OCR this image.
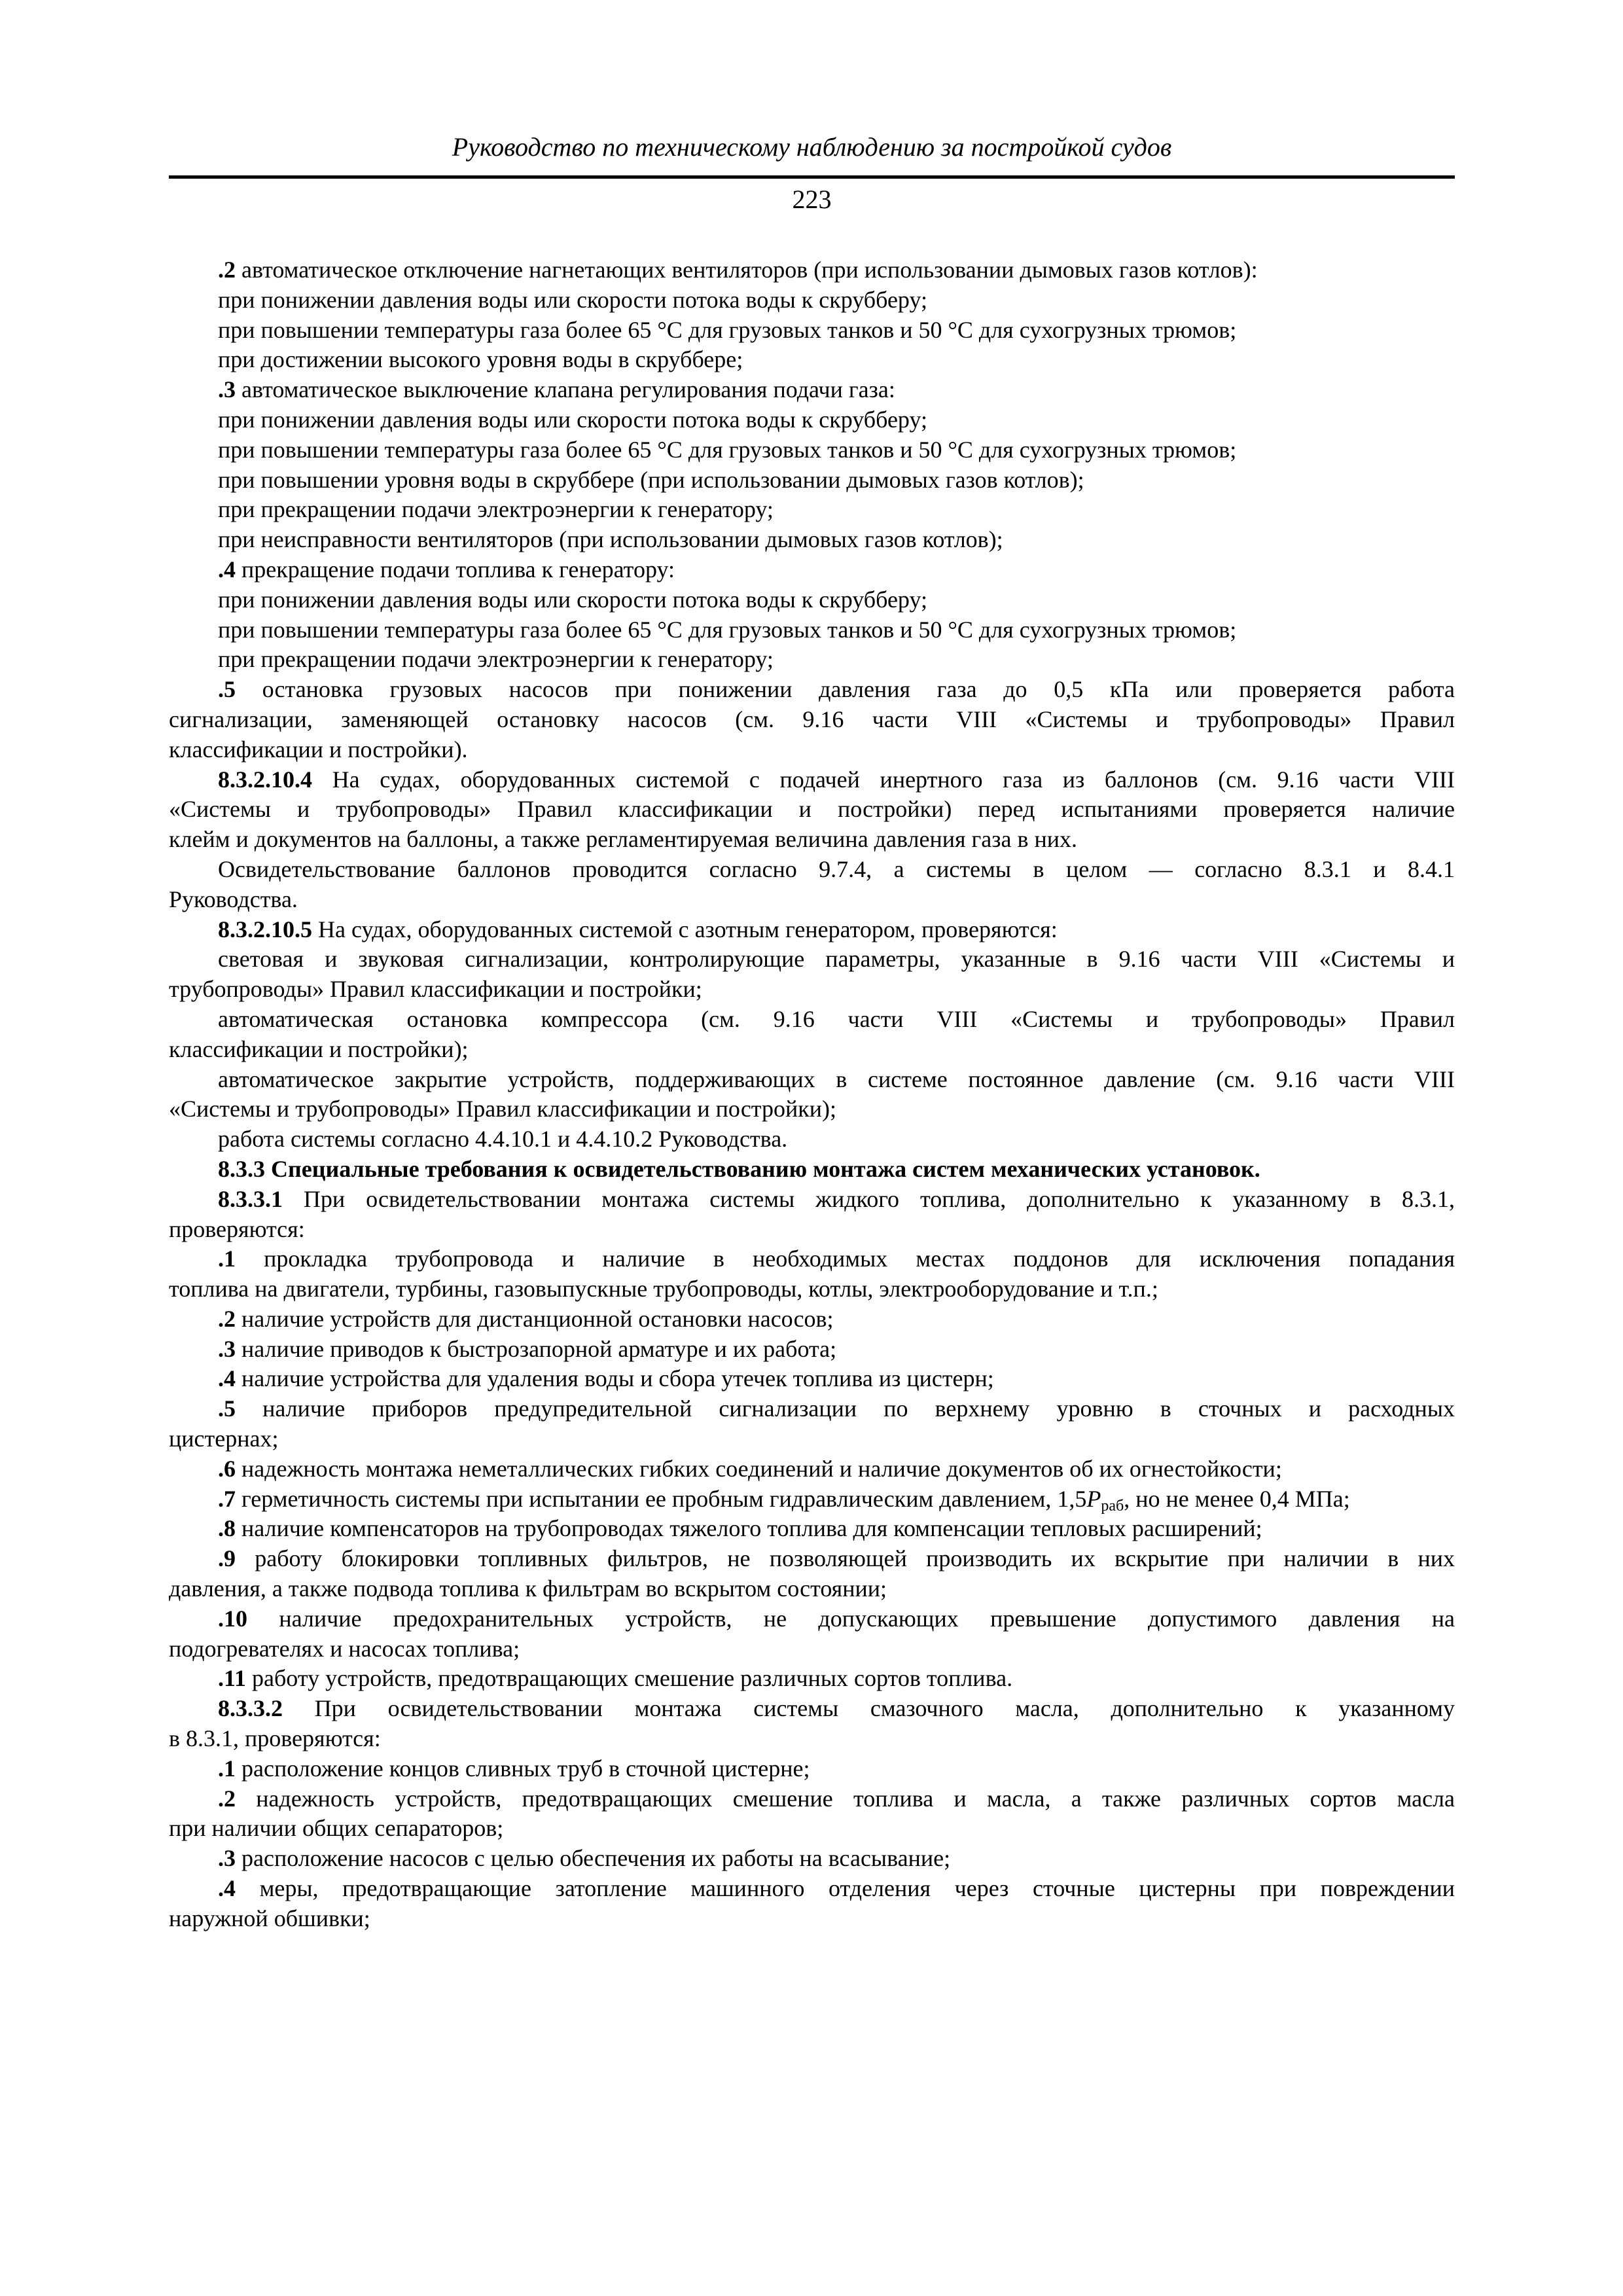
Руководство по техническому наблюдению за постройкой судов
223
.2 автоматическое отключение нагнетающих вентиляторов (при использовании дымовых газов котлов):
при понижении давления воды или скорости потока воды к скрубберу;
при повышении температуры газа более 65 °С для грузовых танков и 50 °С для сухогрузных трюмов;
при достижении высокого уровня воды в скруббере;
.3 автоматическое выключение клапана регулирования подачи газа:
при понижении давления воды или скорости потока воды к скрубберу;
при повышении температуры газа более 65 °С для грузовых танков и 50 °С для сухогрузных трюмов;
при повышении уровня воды в скруббере (при использовании дымовых газов котлов);
при прекращении подачи электроэнергии к генератору;
при неисправности вентиляторов (при использовании дымовых газов котлов);
.4 прекращение подачи топлива к генератору:
при понижении давления воды или скорости потока воды к скрубберу;
при повышении температуры газа более 65 °С для грузовых танков и 50 °С для сухогрузных трюмов;
при прекращении подачи электроэнергии к генератору;
.5 остановка грузовых насосов при понижении давления газа до 0,5 кПа или проверяется работа
сигнализации, заменяющей остановку насосов (см. 9.16 части VIII «Системы и трубопроводы» Правил
классификации и постройки).
8.3.2.10.4 На судах, оборудованных системой с подачей инертного газа из баллонов (см. 9.16 части VIII
«Системы и трубопроводы» Правил классификации и постройки) перед испытаниями проверяется наличие
клейм и документов на баллоны, а также регламентируемая величина давления газа в них.
Освидетельствование баллонов проводится согласно 9.7.4, а системы в целом — согласно 8.3.1 и 8.4.1
Руководства.
8.3.2.10.5 На судах, оборудованных системой с азотным генератором, проверяются:
световая и звуковая сигнализации, контролирующие параметры, указанные в 9.16 части VIII «Системы и
трубопроводы» Правил классификации и постройки;
автоматическая остановка компрессора (см. 9.16 части VIII «Системы и трубопроводы» Правил
классификации и постройки);
автоматическое закрытие устройств, поддерживающих в системе постоянное давление (см. 9.16 части VIII
«Системы и трубопроводы» Правил классификации и постройки);
работа системы согласно 4.4.10.1 и 4.4.10.2 Руководства.
8.3.3 Специальные требования к освидетельствованию монтажа систем механических установок.
8.3.3.1 При освидетельствовании монтажа системы жидкого топлива, дополнительно к указанному в 8.3.1,
проверяются:
.1 прокладка трубопровода и наличие в необходимых местах поддонов для исключения попадания
топлива на двигатели, турбины, газовыпускные трубопроводы, котлы, электрооборудование и т.п.;
.2 наличие устройств для дистанционной остановки насосов;
.3 наличие приводов к быстрозапорной арматуре и их работа;
.4 наличие устройства для удаления воды и сбора утечек топлива из цистерн;
.5 наличие приборов предупредительной сигнализации по верхнему уровню в сточных и расходных
цистернах;
.6 надежность монтажа неметаллических гибких соединений и наличие документов об их огнестойкости;
.7 герметичность системы при испытании ее пробным гидравлическим давлением, $1,5P_{раб}$, но не менее 0,4 МПа;
.8 наличие компенсаторов на трубопроводах тяжелого топлива для компенсации тепловых расширений;
.9 работу блокировки топливных фильтров, не позволяющей производить их вскрытие при наличии в них
давления, а также подвода топлива к фильтрам во вскрытом состоянии;
.10 наличие предохранительных устройств, не допускающих превышение допустимого давления на
подогревателях и насосах топлива;
.11 работу устройств, предотвращающих смешение различных сортов топлива.
8.3.3.2 При освидетельствовании монтажа системы смазочного масла, дополнительно к указанному
в 8.3.1, проверяются:
.1 расположение концов сливных труб в сточной цистерне;
.2 надежность устройств, предотвращающих смешение топлива и масла, а также различных сортов масла
при наличии общих сепараторов;
.3 расположение насосов с целью обеспечения их работы на всасывание;
.4 меры, предотвращающие затопление машинного отделения через сточные цистерны при повреждении
наружной обшивки;
